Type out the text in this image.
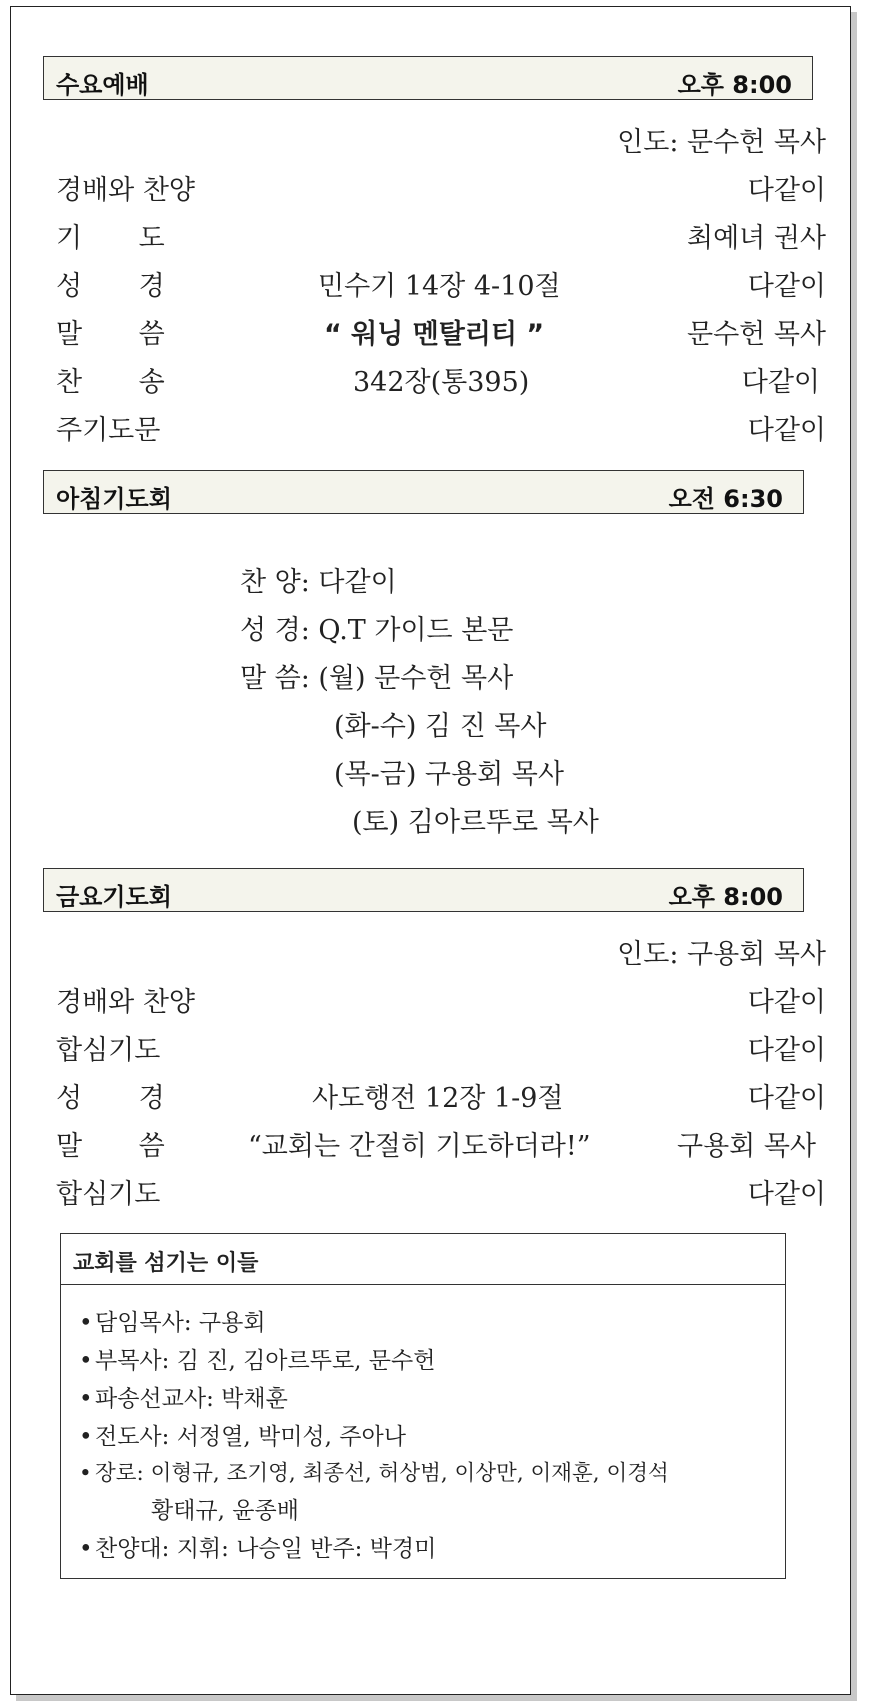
수요예배	오후 8:00
인도: 문수헌 목사
경배와 찬양	다같이
기 도	최예녀 권사
성 경	민수기 14장 4-10절	다같이
말 씀	“ 워닝 멘탈리티 ”	문수헌 목사
찬 송	342장(통395)	다같이
주기도문	다같이
아침기도회	오전 6:30
찬 양: 다같이
성 경: Q.T 가이드 본문
말 씀: (월) 문수헌 목사
(화-수) 김 진 목사
(목-금) 구용회 목사
(토) 김아르뚜로 목사
금요기도회	오후 8:00
인도: 구용회 목사
경배와 찬양	다같이
합심기도	다같이
성 경	사도행전 12장 1-9절	다같이
말 씀 “교회는 간절히 기도하더라!”	구용회 목사
합심기도	다같이
교회를 섬기는 이들
• 담임목사: 구용회
• 부목사: 김 진, 김아르뚜로, 문수헌
• 파송선교사: 박채훈
• 전도사: 서정열, 박미성, 주아나
• 장로: 이형규, 조기영, 최종선, 허상범, 이상만, 이재훈, 이경석
황태규, 윤종배
• 찬양대: 지휘: 나승일 반주: 박경미
